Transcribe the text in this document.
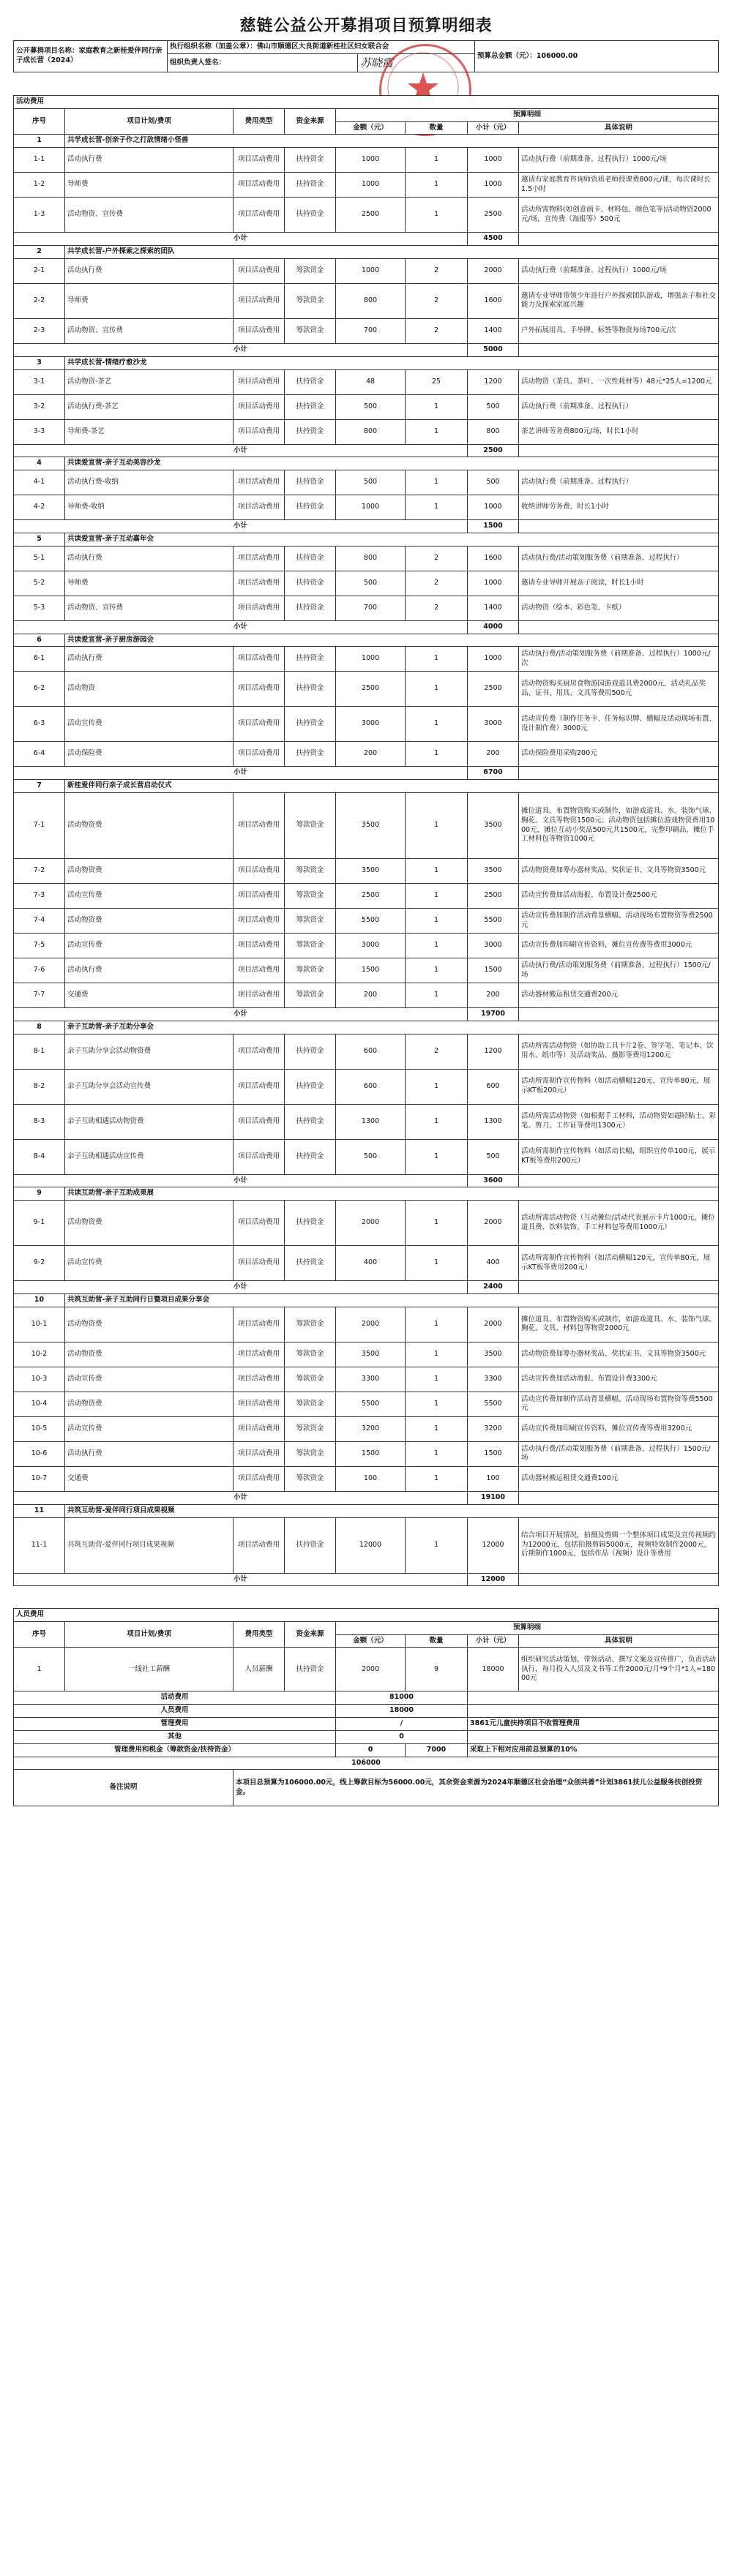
慈链公益公开募捐项目预算明细表
公开募捐项目名称：家庭教育之新桂爱伴同行亲子成长营（2024）	执行组织名称（加盖公章）：佛山市顺德区大良街道新桂社区妇女联合会		预算总金额（元）：106000.00
	组织负责人签名：	苏晓霞	
活动费用							
序号	项目计划/费项	费用类型	资金来源	预算明细			
				金额（元）	数量	小计（元）	具体说明
1	共学成长营-创亲子作之打敌情绪小怪兽						
1-1	活动执行费	项目活动费用	扶持资金	1000	1	1000	活动执行费（前期准备、过程执行）1000元/场
1-2	导师费	项目活动费用	扶持资金	1000	1	1000	邀请有家庭教育咨询师资质老师授课费800元/课，每次课时长1.5小时
1-3	活动物资、宣传费	项目活动费用	扶持资金	2500	1	2500	活动所需物料(如创意画卡、材料包、颜色笔等)活动物资2000元/场，宣传费（海报等）500元
小计						4500	
2	共学成长营-户外探索之探索的团队						
2-1	活动执行费	项目活动费用	筹款资金	1000	2	2000	活动执行费（前期准备、过程执行）1000元/场
2-2	导师费	项目活动费用	筹款资金	800	2	1600	邀请专业导师带领少年进行户外探索团队游戏，增强亲子和社交能力及探索家庭兴趣
2-3	活动物资、宣传费	项目活动费用	筹款资金	700	2	1400	户外拓展用具、手举牌、标签等物资每场700元/次
小计						5000	
3	共学成长营-情绪疗愈沙龙						
3-1	活动物资-茶艺	项目活动费用	扶持资金	48	25	1200	活动物资（茶具、茶叶、一次性耗材等）48元*25人=1200元
3-2	活动执行费-茶艺	项目活动费用	扶持资金	500	1	500	活动执行费（前期准备、过程执行）
3-3	导师费-茶艺	项目活动费用	扶持资金	800	1	800	茶艺讲师劳务费800元/场，时长1小时
小计						2500	
4	共读爱宣营-亲子互动美容沙龙						
4-1	活动执行费-收纳	项目活动费用	扶持资金	500	1	500	活动执行费（前期准备、过程执行）
4-2	导师费-收纳	项目活动费用	扶持资金	1000	1	1000	收纳讲师劳务费，时长1小时
小计						1500	
5	共读爱宣营-亲子互动嘉年会						
5-1	活动执行费	项目活动费用	扶持资金	800	2	1600	活动执行费/活动策划服务费（前期准备、过程执行）
5-2	导师费	项目活动费用	扶持资金	500	2	1000	邀请专业导师开展亲子阅读，时长1小时
5-3	活动物资、宣传费	项目活动费用	扶持资金	700	2	1400	活动物资（绘本、彩色笔、卡纸）
小计						4000	
6	共读爱宣营-亲子厨房游园会						
6-1	活动执行费	项目活动费用	扶持资金	1000	1	1000	活动执行费/活动策划服务费（前期准备、过程执行）1000元/次
6-2	活动物资	项目活动费用	扶持资金	2500	1	2500	活动物资购买厨房食物游园游戏道具费2000元，活动礼品奖品、证书、用具、文具等费用500元
6-3	活动宣传费	项目活动费用	扶持资金	3000	1	3000	活动宣传费（制作任务卡、任务标识牌、横幅及活动现场布置、设计制作费）3000元
6-4	活动保险费	项目活动费用	扶持资金	200	1	200	活动保险费用采购200元
小计						6700	
7	新桂爱伴同行亲子成长营启动仪式						
7-1	活动物资费	项目活动费用	筹款资金	3500	1	3500	摊位道具、布置物资购买或制作，如游戏道具、水、装饰气球、胸花、文具等物资1500元；活动物资包括摊位游戏物资费用1000元，摊位互动小奖品500元共1500元，完整印刷品、摊位手工材料包等物资1000元
7-2	活动物资费	项目活动费用	筹款资金	3500	1	3500	活动物资费加筹办器材奖品、奖状证书、文具等物资3500元
7-3	活动宣传费	项目活动费用	筹款资金	2500	1	2500	活动宣传费加活动海报、布置设计费2500元
7-4	活动物资费	项目活动费用	筹款资金	5500	1	5500	活动宣传费加制作活动背景横幅、活动现场布置物资等费2500元
7-5	活动宣传费	项目活动费用	筹款资金	3000	1	3000	活动宣传费加印刷宣传资料，摊位宣传费等费用3000元
7-6	活动执行费	项目活动费用	筹款资金	1500	1	1500	活动执行费/活动策划服务费（前期准备、过程执行）1500元/场
7-7	交通费	项目活动费用	筹款资金	200	1	200	活动器材搬运租赁交通费200元
小计						19700	
8	亲子互助营-亲子互助分享会						
8-1	亲子互助分享会活动物资费	项目活动费用	扶持资金	600	2	1200	活动所需活动物资（如协助工具卡片2卷、签字笔、笔记本、饮用水、纸巾等）及活动奖品、摄影等费用1200元
8-2	亲子互助分享会活动宣传费	项目活动费用	扶持资金	600	1	600	活动所需制作宣传物料（如活动横幅120元，宣传单80元，展示KT板200元）
8-3	亲子互助相遇活动物资费	项目活动费用	扶持资金	1300	1	1300	活动所需活动物资（如根据手工材料，活动物资如超轻粘土、彩笔、剪刀、工作证等费用1300元）
8-4	亲子互助相遇活动宣传费	项目活动费用	扶持资金	500	1	500	活动所需制作宣传物料（如活动长幅，组织宣传单100元，展示KT板等费用200元）
小计						3600	
9	共读互助营-亲子互助成果展						
9-1	活动物资费	项目活动费用	扶持资金	2000	1	2000	活动所需活动物资（互动摊位/活动代表展示卡片1000元，摊位道具费、饮料装饰、手工材料包等费用1000元）
9-2	活动宣传费	项目活动费用	扶持资金	400	1	400	活动所需制作宣传物料（如活动横幅120元，宣传单80元，展示KT板等费用200元）
小计						2400	
10	共筑互助营-亲子互助同行日暨项目成果分享会						
10-1	活动物资费	项目活动费用	筹款资金	2000	1	2000	摊位道具、布置物资购买或制作，如游戏道具、水、装饰气球、胸花、文具、材料包等物资2000元
10-2	活动物资费	项目活动费用	筹款资金	3500	1	3500	活动物资费加筹办器材奖品、奖状证书、文具等物资3500元
10-3	活动宣传费	项目活动费用	筹款资金	3300	1	3300	活动宣传费加活动海报、布置设计费3300元
10-4	活动物资费	项目活动费用	筹款资金	5500	1	5500	活动宣传费加制作活动背景横幅、活动现场布置物资等费5500元
10-5	活动宣传费	项目活动费用	筹款资金	3200	1	3200	活动宣传费加印刷宣传资料，摊位宣传费等费用3200元
10-6	活动执行费	项目活动费用	筹款资金	1500	1	1500	活动执行费/活动策划服务费（前期准备、过程执行）1500元/场
10-7	交通费	项目活动费用	筹款资金	100	1	100	活动器材搬运租赁交通费100元
小计						19100	
11	共筑互助营-爱伴同行项目成果视频						
11-1	共筑互助营-爱伴同行项目成果视频	项目活动费用	扶持资金	12000	1	12000	结合项目开展情况，拍摄及剪辑一个整体项目成果及宣传视频约为12000元，包括拍摄剪辑5000元，视频特效制作2000元，后期制作1000元，包括作品（视频）设计等费用
小计						12000	
人员费用							
序号	项目计划/费项	费用类型	资金来源	预算明细			
				金额（元）	数量	小计（元）	具体说明
1	一线社工薪酬	人员薪酬	扶持资金	2000	9	18000	组织研究活动策划、带领活动、撰写文案及宣传推广，负责活动执行，每月投入人员及文书等工作2000元/月*9个月*1人=18000元
活动费用				81000			
人员费用				18000			
管理费用				/		3861元儿童扶持项目不收管理费用	
其他				0			
管理费用和税金（筹款资金/扶持资金）				0	7000	采取上下相对应用前总预算的10%	
106000							
备注说明		本项目总预算为106000.00元，线上筹款目标为56000.00元，其余资金来源为2024年顺德区社会治理“众创共善”计划3861扶儿公益服务扶创投资金。					
